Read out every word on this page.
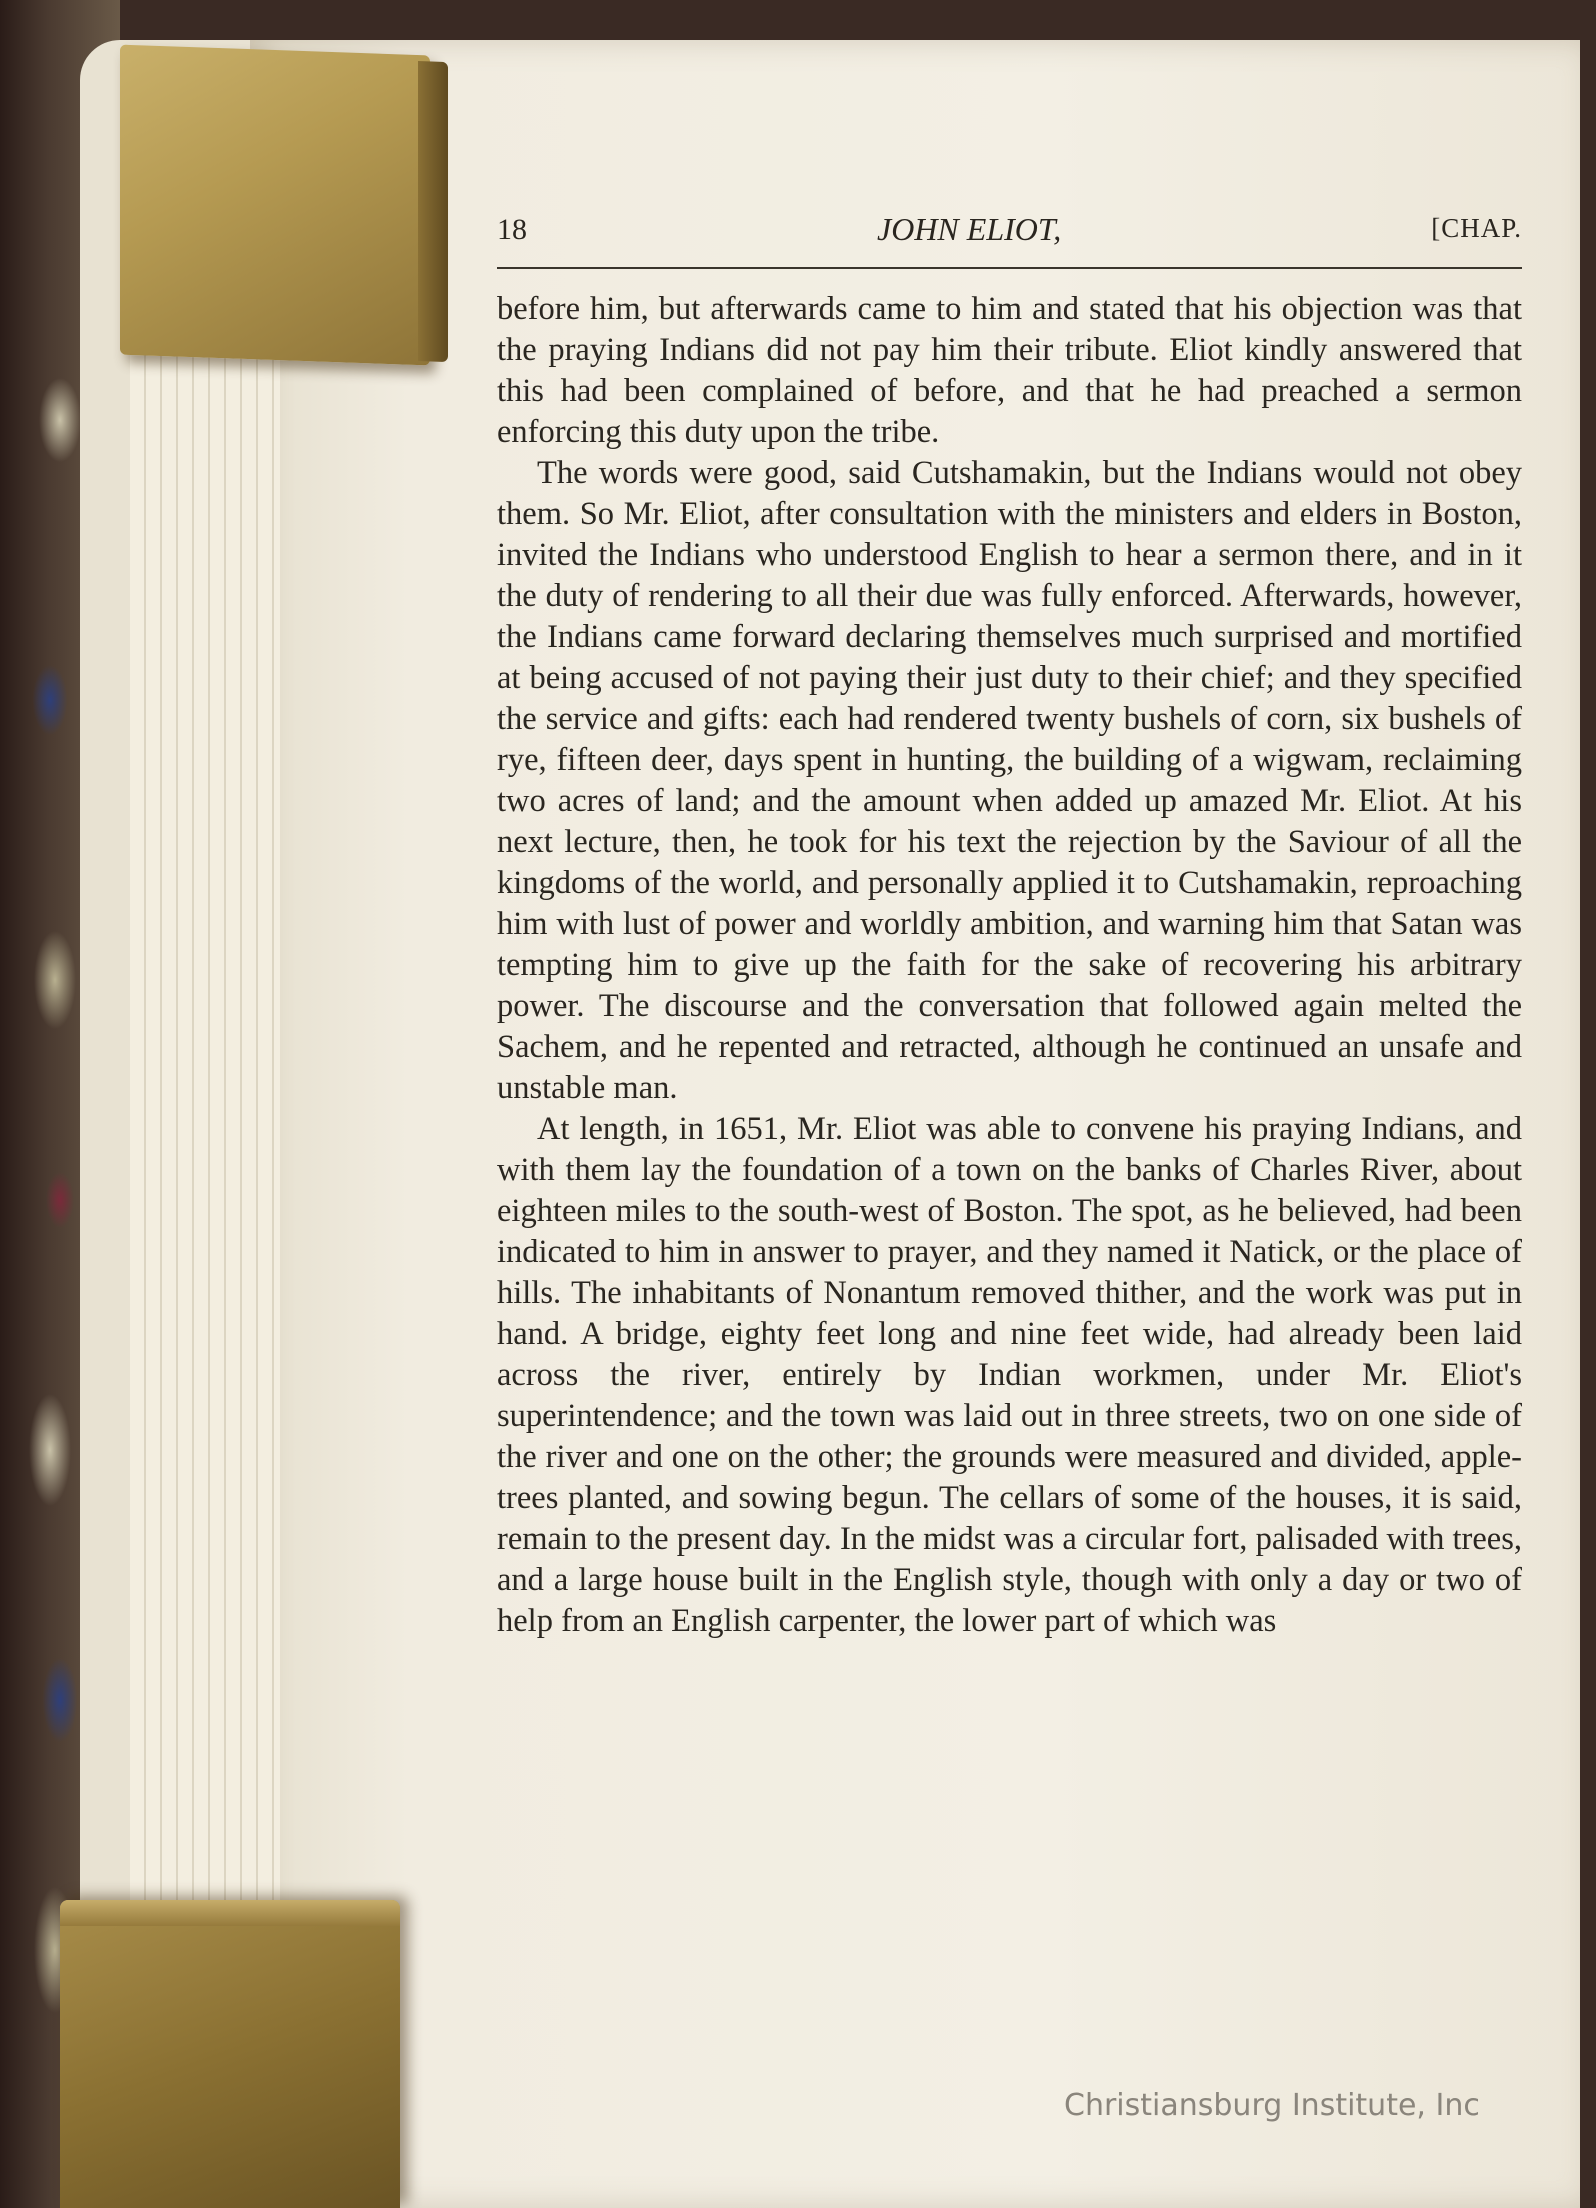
18	JOHN ELIOT,	[CHAP.

before him, but afterwards came to him and stated that his objection was that the praying Indians did not pay him their tribute. Eliot kindly answered that this had been complained of before, and that he had preached a sermon enforcing this duty upon the tribe.

The words were good, said Cutshamakin, but the Indians would not obey them. So Mr. Eliot, after consultation with the ministers and elders in Boston, invited the Indians who understood English to hear a sermon there, and in it the duty of rendering to all their due was fully enforced. Afterwards, however, the Indians came forward declaring themselves much surprised and mortified at being accused of not paying their just duty to their chief; and they specified the service and gifts: each had rendered twenty bushels of corn, six bushels of rye, fifteen deer, days spent in hunting, the building of a wigwam, reclaiming two acres of land; and the amount when added up amazed Mr. Eliot. At his next lecture, then, he took for his text the rejection by the Saviour of all the kingdoms of the world, and personally applied it to Cutshamakin, reproaching him with lust of power and worldly ambition, and warning him that Satan was tempting him to give up the faith for the sake of recovering his arbitrary power. The discourse and the conversation that followed again melted the Sachem, and he repented and retracted, although he continued an unsafe and unstable man.

At length, in 1651, Mr. Eliot was able to convene his praying Indians, and with them lay the foundation of a town on the banks of Charles River, about eighteen miles to the south-west of Boston. The spot, as he believed, had been indicated to him in answer to prayer, and they named it Natick, or the place of hills. The inhabitants of Nonantum removed thither, and the work was put in hand. A bridge, eighty feet long and nine feet wide, had already been laid across the river, entirely by Indian workmen, under Mr. Eliot's superintendence; and the town was laid out in three streets, two on one side of the river and one on the other; the grounds were measured and divided, apple-trees planted, and sowing begun. The cellars of some of the houses, it is said, remain to the present day. In the midst was a circular fort, palisaded with trees, and a large house built in the English style, though with only a day or two of help from an English carpenter, the lower part of which was

Christiansburg Institute, Inc
